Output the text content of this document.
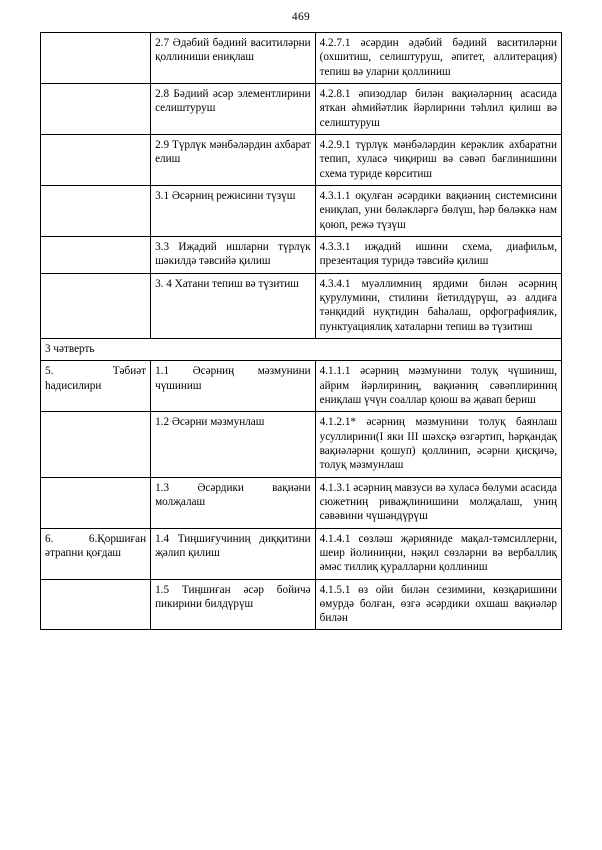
469
	2.7 Әдәбий бәдиий васитиләрни қоллиниши ениқлаш	4.2.7.1 әсәрдин әдәбий бәдиий васитиләрни (охшитиш, селиштуруш, әпитет, аллитерация) тепиш вә уларни қоллиниш
	2.8 Бәдиий әсәр элементлирини селиштуруш	4.2.8.1 әпизодлар билән вақиәләрниң асасида яткан әһмийәтлик йәрлирини тәһлил қилиш вә селиштуруш
	2.9 Түрлүк мәнбәләрдин ахбарат елиш	4.2.9.1 түрлүк мәнбәләрдин керәклик ахбаратни тепип, хуласә чиқириш вә сәвәп бағлинишини схема туриде көрситиш
	3.1 Әсәрниң режисини түзүш	4.3.1.1 оқулған әсәрдики вақиәниң системисини ениқлап, уни бөләкләргә бөлүш, һәр бөләккә нам қоюп, режә түзүш
	3.3 Иҗадий ишларни түрлүк шәкилдә тәвсийә қилиш	4.3.3.1 иҗадий ишини схема, диафильм, презентация туридә тәвсийә қилиш
	3. 4 Хатани тепиш вә түзитиш	4.3.4.1 муәллимниң ярдими билән әсәрниң қурулумини, стилини йетилдүрүш, әз алдиға тәнқидий нуқтидин баһалаш, орфографиялик, пунктуациялиқ хаталарни тепиш вә түзитиш
3 чәтверть		
5. Тәбиәт һадисилири	1.1 Әсәрниң мәзмунини чүшиниш	4.1.1.1 әсәрниң мәзмунини толуқ чүшиниш, айрим йәрлириниң, вақиәниң сәвәплириниң ениқлаш үчүн соаллар қоюш вә җавап бериш
	1.2 Әсәрни мәзмунлаш	4.1.2.1* әсәрниң мәзмунини толуқ баянлаш усуллирини(I яки III шәхсқә өзгәртип, һәрқандақ вақиәләрни қошуп) қоллинип, әсәрни қисқичә, толуқ мәзмунлаш
	1.3 Әсәрдики вақиәни молҗалаш	4.1.3.1 әсәрниң мавзуси вә хуласә бөлуми асасида сюжетниң риваҗлинишини молҗалаш, униң сәвәвини чүшәндүрүш
6. 6.Қоршиған әтрапни қоғдаш	1.4 Тиңшиғучиниң диққитини җәлип қилиш	4.1.4.1 сөзләш җәрияниде мақал-тәмсиллерни, шеир йолиниңни, нәқил сөзләрни вә вербаллиқ әмәс тиллиқ қуралларни қоллиниш
	1.5 Тиңшиған әсәр бойичә пикирини билдүрүш	4.1.5.1 өз ойи билән сезимини, көзқаришини өмурдә болған, өзгә әсәрдики охшаш вақиәләр билән
